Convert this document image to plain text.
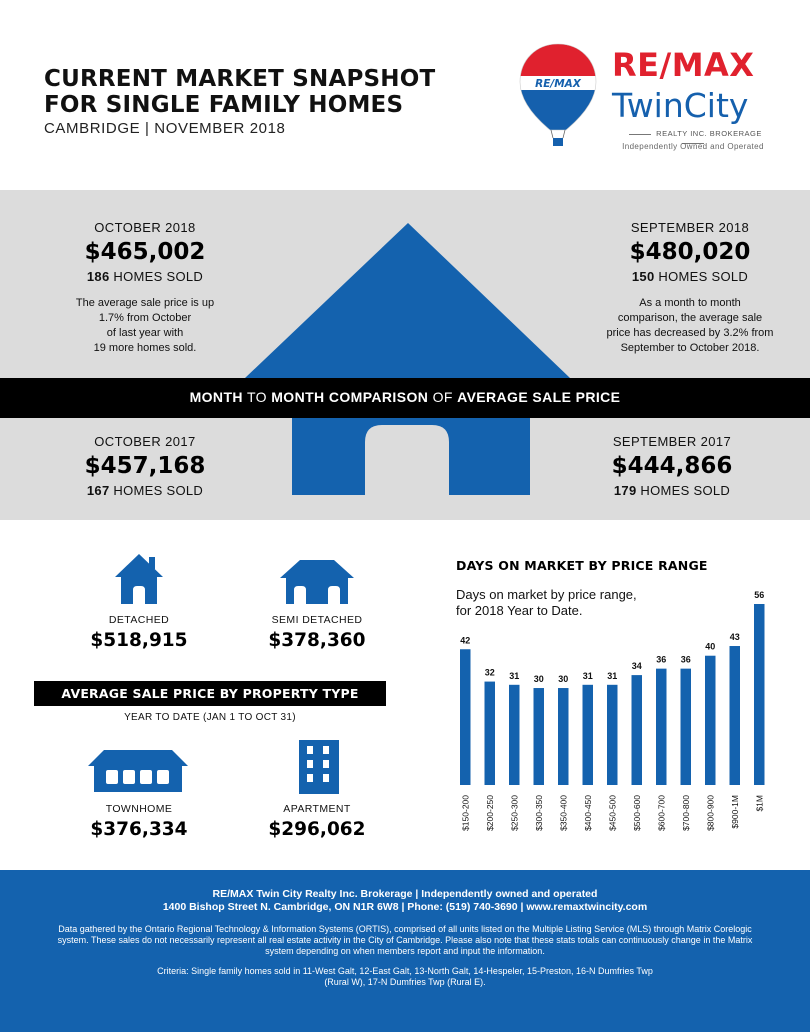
CURRENT MARKET SNAPSHOT
FOR SINGLE FAMILY HOMES
CAMBRIDGE | NOVEMBER 2018
RE/MAX RE/MAX
TwinCity
REALTY INC. BROKERAGE
Independently Owned and Operated
MONTH TO MONTH COMPARISON OF AVERAGE SALE PRICE
OCTOBER 2018
$465,002
186 HOMES SOLD
The average sale price is up
1.7% from October
of last year with
19 more homes sold.
SEPTEMBER 2018
$480,020
150 HOMES SOLD
As a month to month
comparison, the average sale
price has decreased by 3.2% from
September to October 2018.
OCTOBER 2017
$457,168
167 HOMES SOLD
SEPTEMBER 2017
$444,866
179 HOMES SOLD
DETACHED
$518,915
SEMI DETACHED
$378,360
AVERAGE SALE PRICE BY PROPERTY TYPE
YEAR TO DATE (JAN 1 TO OCT 31)
TOWNHOME
$376,334
APARTMENT
$296,062
DAYS ON MARKET BY PRICE RANGE
Days on market by price range,
for 2018 Year to Date.
42
$150-200
32
$200-250
31
$250-300
30
$300-350
30
$350-400
31
$400-450
31
$450-500
34
$500-600
36
$600-700
36
$700-800
40
$800-900
43
$900-1M
56
$1M
RE/MAX Twin City Realty Inc. Brokerage | Independently owned and operated
1400 Bishop Street N. Cambridge, ON N1R 6W8 | Phone: (519) 740-3690 | www.remaxtwincity.com
Data gathered by the Ontario Regional Technology & Information Systems (ORTIS), comprised of all units listed on the Multiple Listing Service (MLS) through Matrix Corelogic system. These sales do not necessarily represent all real estate activity in the City of Cambridge. Please also note that these stats totals can continuously change in the Matrix system depending on when members report and input the information.
Criteria: Single family homes sold in 11-West Galt, 12-East Galt, 13-North Galt, 14-Hespeler, 15-Preston, 16-N Dumfries Twp (Rural W), 17-N Dumfries Twp (Rural E).
